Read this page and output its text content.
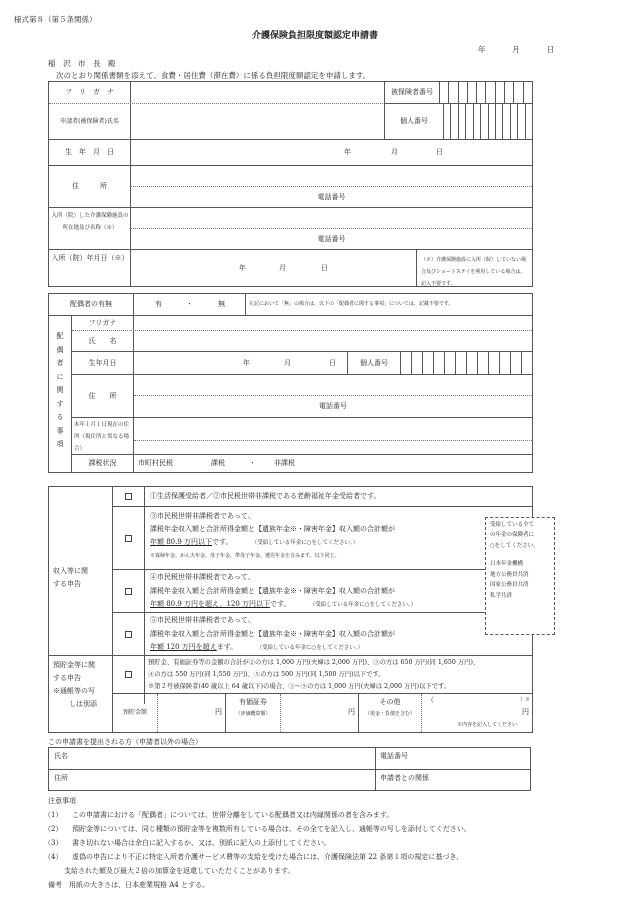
様式第８（第５条関係）
介護保険負担限度額認定申請書
年	月	日
稲　沢　市　長　殿
次のとおり関係書類を添えて、食費・居住費（滞在費）に係る負担限度額認定を申請します。
フ　リ　ガ　ナ	被保険者番号
申請者(被保険者)氏名	個人番号
生　年　月　日	年	月	日
住　　　所
電話番号
入所（院）した介護保険施設の所在地及び名称（※）
電話番号
入所（院）年月日（※）
年	月	日
（※）介護保険施設に入所（院）していない場合及びショートステイを利用している場合は、記入不要です。
配偶者の有無	有	・	無	左記において「無」の場合は、以下の「配偶者に関する事項」については、記載不要です。
配
偶
者
に
関
す
る
事
項
フリガナ
氏　　名
生年月日	年	月	日	個人番号
住　　所
電話番号
本年１月１日現在の住所（現住所と異なる場合）
課税状況	市町村民税	課税	・	非課税
収入等に関
する申告
①生活保護受給者／②市民税世帯非課税である老齢福祉年金受給者です。
③市民税世帯非課税者であって、
課税年金収入額と合計所得金額と【遺族年金※・障害年金】収入額の合計額が
年額 80.9 万円以下です。	（受給している年金に○をしてください。）
※寡婦年金、かん夫年金、母子年金、準母子年金、遺児年金を含みます。以下同じ。
④市民税世帯非課税者であって、
課税年金収入額と合計所得金額と【遺族年金※・障害年金】収入額の合計額が
年額 80.9 万円を超え、120 万円以下です。	（受給している年金に○をしてください。）
⑤市民税世帯非課税者であって、
課税年金収入額と合計所得金額と【遺族年金※・障害年金】収入額の合計額が
年額 120 万円を超えます。	（受給している年金に○をしてください。）
受給している全て
の年金の保険者に
○をしてください。
日本年金機構
地方公務員共済
国家公務員共済
私学共済
預貯金等に関
する申告
※通帳等の写
しは別添
預貯金、有価証券等の金額の合計が②の方は 1,000 万円(夫婦は 2,000 万円)、③の方は 650 万円(同 1,650 万円)、
④の方は 550 万円(同 1,550 万円)、⑤の方は 500 万円(同 1,500 万円)以下です。
※第２号被保険者(40 歳以上 64 歳以下)の場合、③～⑤の方は 1,000 万円(夫婦は 2,000 万円)以下です。
預貯金額	円
有価証券
（評価概算額）	円
その他
（現金・負債を含む）
（	）※
円
※内容を記入してください
この申請書を提出される方（申請者以外の場合）
氏名	電話番号
住所	申請者との関係
注意事項
（1） この申請書における「配偶者」については、世帯分離をしている配偶者又は内縁関係の者を含みます。
（2） 預貯金等については、同じ種類の預貯金等を複数所有している場合は、その全てを記入し、通帳等の写しを添付してください。
（3） 書き切れない場合は余白に記入するか、又は、別紙に記入の上添付してください。
（4） 虚偽の申告により不正に特定入所者介護サービス費等の支給を受けた場合には、介護保険法第 22 条第１項の規定に基づき、
支給された額及び最大２倍の加算金を返還していただくことがあります。
備考　用紙の大きさは、日本産業規格 A4 とする。
